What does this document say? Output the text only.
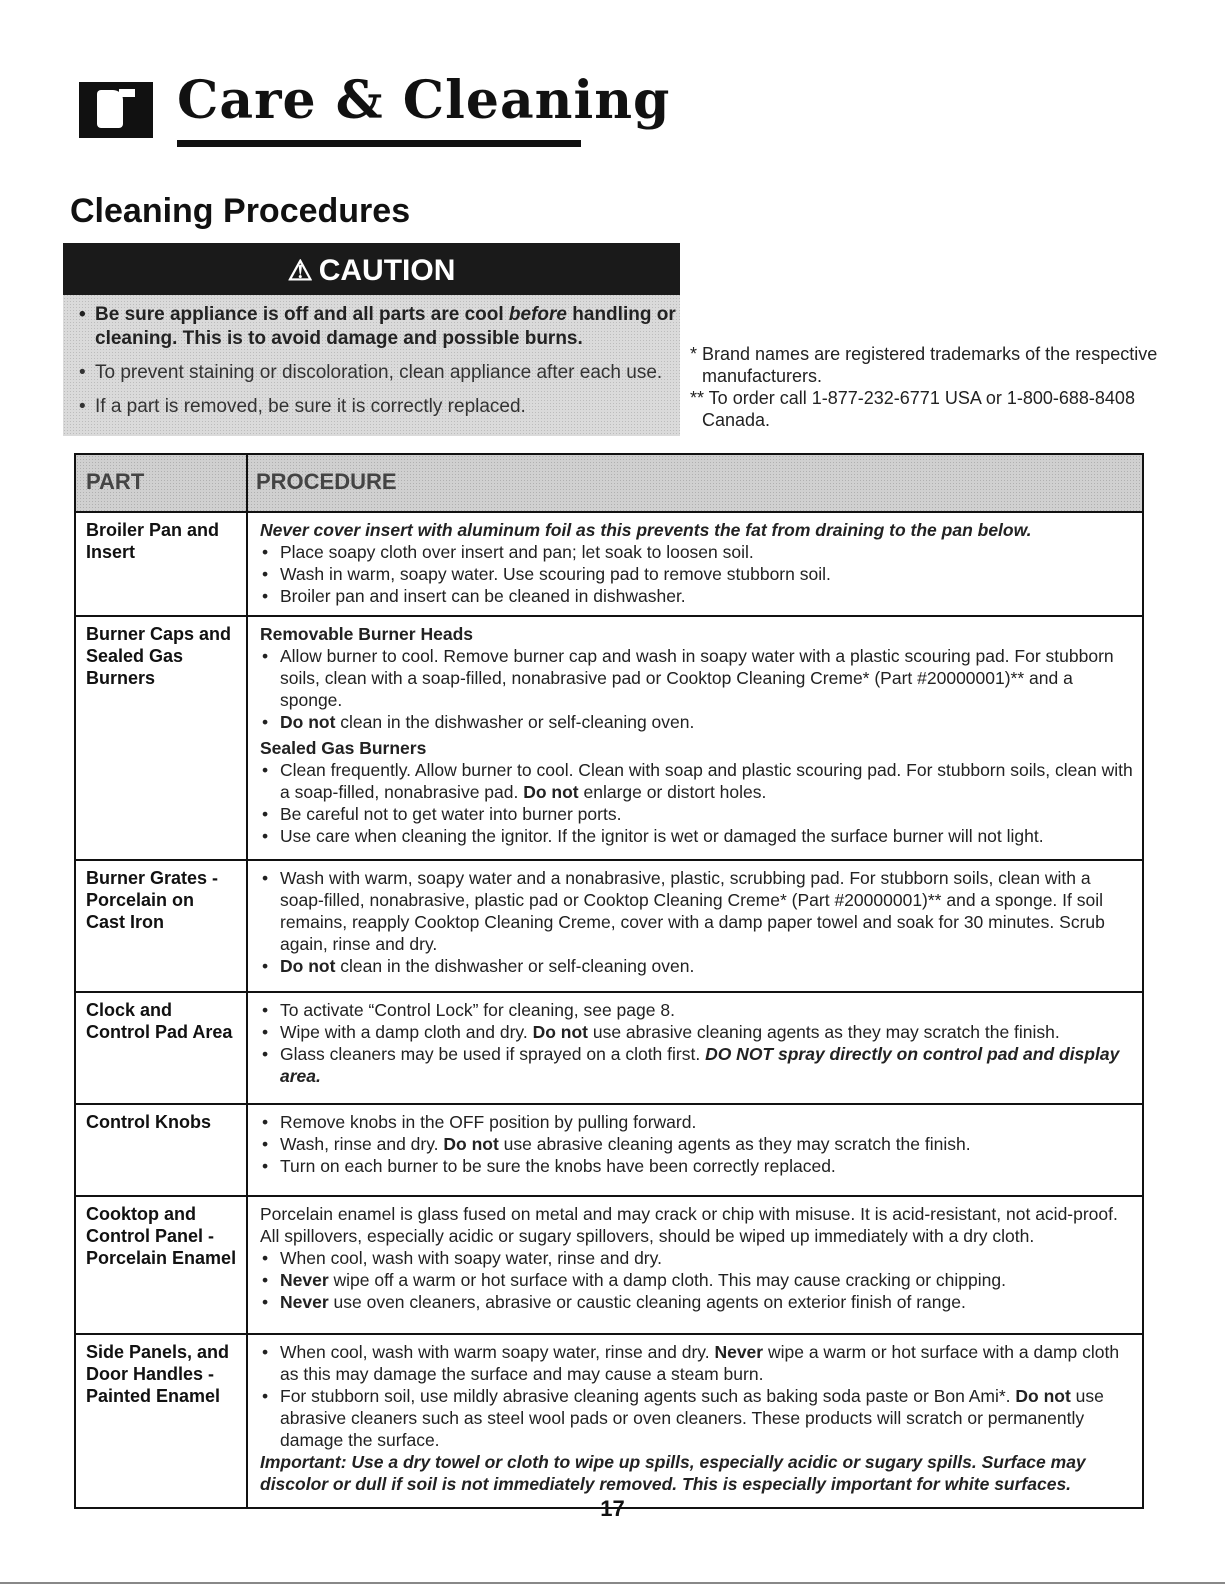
Care & Cleaning
Cleaning Procedures
⚠ CAUTION
• Be sure appliance is off and all parts are cool before handling or cleaning. This is to avoid damage and possible burns.
• To prevent staining or discoloration, clean appliance after each use.
• If a part is removed, be sure it is correctly replaced.

* Brand names are registered trademarks of the respective manufacturers.

** To order call 1-877-232-6771 USA or 1-800-688-8408 Canada.

PART	PROCEDURE
Broiler Pan and Insert

Never cover insert with aluminum foil as this prevents the fat from draining to the pan below.

• Place soapy cloth over insert and pan; let soak to loosen soil.
• Wash in warm, soapy water. Use scouring pad to remove stubborn soil.
• Broiler pan and insert can be cleaned in dishwasher.
Burner Caps and Sealed Gas Burners

Removable Burner Heads

• Allow burner to cool. Remove burner cap and wash in soapy water with a plastic scouring pad. For stubborn soils, clean with a soap-filled, nonabrasive pad or Cooktop Cleaning Creme* (Part #20000001)** and a sponge.
• Do not clean in the dishwasher or self-cleaning oven.

Sealed Gas Burners

• Clean frequently. Allow burner to cool. Clean with soap and plastic scouring pad. For stubborn soils, clean with a soap-filled, nonabrasive pad. Do not enlarge or distort holes.
• Be careful not to get water into burner ports.
• Use care when cleaning the ignitor. If the ignitor is wet or damaged the surface burner will not light.
Burner Grates - Porcelain on Cast Iron
• Wash with warm, soapy water and a nonabrasive, plastic, scrubbing pad. For stubborn soils, clean with a soap-filled, nonabrasive, plastic pad or Cooktop Cleaning Creme* (Part #20000001)** and a sponge. If soil remains, reapply Cooktop Cleaning Creme, cover with a damp paper towel and soak for 30 minutes. Scrub again, rinse and dry.
• Do not clean in the dishwasher or self-cleaning oven.
Clock and Control Pad Area
• To activate “Control Lock” for cleaning, see page 8.
• Wipe with a damp cloth and dry. Do not use abrasive cleaning agents as they may scratch the finish.
• Glass cleaners may be used if sprayed on a cloth first. DO NOT spray directly on control pad and display area.
Control Knobs
•	Remove knobs in the OFF position by pulling forward.
• Wash, rinse and dry. Do not use abrasive cleaning agents as they may scratch the finish.
• Turn on each burner to be sure the knobs have been correctly replaced.
Cooktop and Control Panel - Porcelain Enamel

Porcelain enamel is glass fused on metal and may crack or chip with misuse. It is acid-resistant, not acid-proof. All spillovers, especially acidic or sugary spillovers, should be wiped up immediately with a dry cloth.

• When cool, wash with soapy water, rinse and dry.
• Never wipe off a warm or hot surface with a damp cloth. This may cause cracking or chipping.
• Never use oven cleaners, abrasive or caustic cleaning agents on exterior finish of range.
Side Panels, and Door Handles - Painted Enamel
• When cool, wash with warm soapy water, rinse and dry. Never wipe a warm or hot surface with a damp cloth as this may damage the surface and may cause a steam burn.
• For stubborn soil, use mildly abrasive cleaning agents such as baking soda paste or Bon Ami*. Do not use abrasive cleaners such as steel wool pads or oven cleaners. These products will scratch or permanently damage the surface.

Important: Use a dry towel or cloth to wipe up spills, especially acidic or sugary spills. Surface may discolor or dull if soil is not immediately removed. This is especially important for white surfaces.

17
